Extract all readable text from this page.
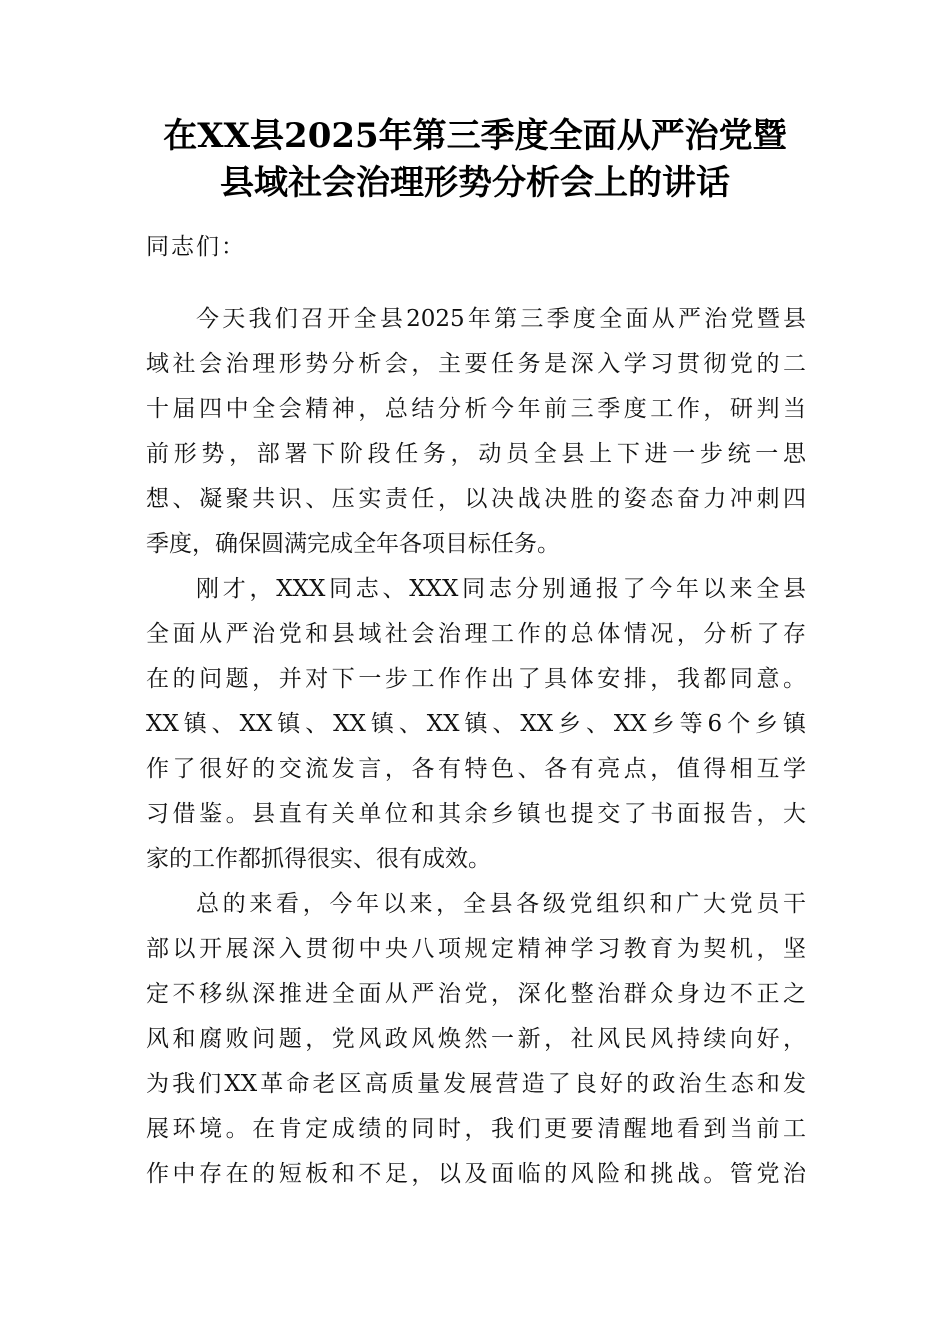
在XX县2025年第三季度全面从严治党暨
县域社会治理形势分析会上的讲话
同志们：
今天我们召开全县2025年第三季度全面从严治党暨县
域社会治理形势分析会，主要任务是深入学习贯彻党的二
十届四中全会精神，总结分析今年前三季度工作，研判当
前形势，部署下阶段任务，动员全县上下进一步统一思
想、凝聚共识、压实责任，以决战决胜的姿态奋力冲刺四
季度，确保圆满完成全年各项目标任务。
刚才，XXX同志、XXX同志分别通报了今年以来全县
全面从严治党和县域社会治理工作的总体情况，分析了存
在的问题，并对下一步工作作出了具体安排，我都同意。
XX镇、XX镇、XX镇、XX镇、XX乡、XX乡等6个乡镇
作了很好的交流发言，各有特色、各有亮点，值得相互学
习借鉴。县直有关单位和其余乡镇也提交了书面报告，大
家的工作都抓得很实、很有成效。
总的来看，今年以来，全县各级党组织和广大党员干
部以开展深入贯彻中央八项规定精神学习教育为契机，坚
定不移纵深推进全面从严治党，深化整治群众身边不正之
风和腐败问题，党风政风焕然一新，社风民风持续向好，
为我们XX革命老区高质量发展营造了良好的政治生态和发
展环境。在肯定成绩的同时，我们更要清醒地看到当前工
作中存在的短板和不足，以及面临的风险和挑战。管党治
